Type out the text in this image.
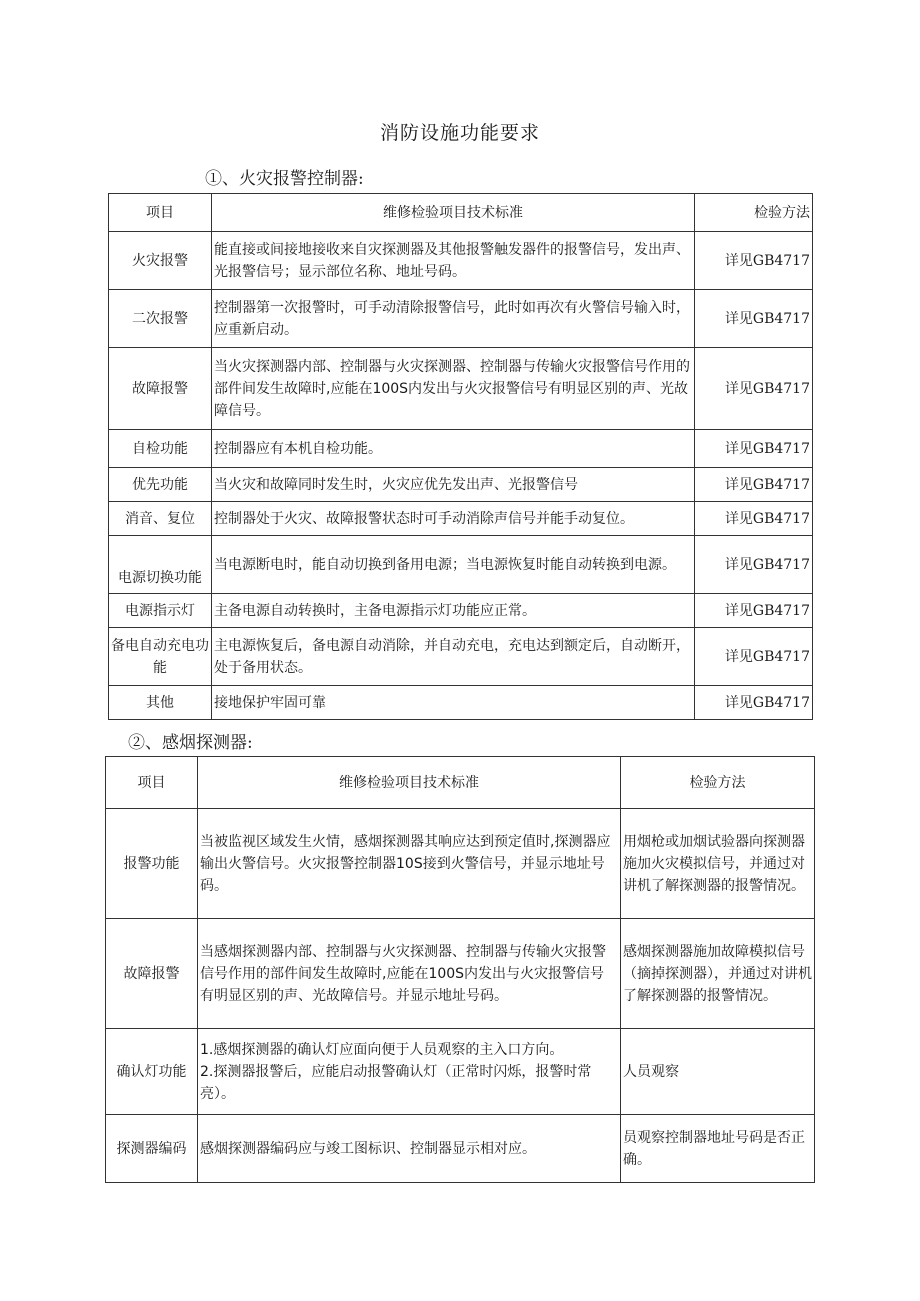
消防设施功能要求
①、火灾报警控制器:
项目	维修检验项目技术标准	检验方法
火灾报警	能直接或间接地接收来自灾探测器及其他报警触发器件的报警信号，发出声、光报警信号；显示部位名称、地址号码。	详见GB4717
二次报警	控制器第一次报警时，可手动清除报警信号，此时如再次有火警信号输入时，应重新启动。	详见GB4717
故障报警	当火灾探测器内部、控制器与火灾探测器、控制器与传输火灾报警信号作用的部件间发生故障时,应能在100S内发出与火灾报警信号有明显区别的声、光故障信号。	详见GB4717
自检功能	控制器应有本机自检功能。	详见GB4717
优先功能	当火灾和故障同时发生时，火灾应优先发出声、光报警信号	详见GB4717
消音、复位	控制器处于火灾、故障报警状态时可手动消除声信号并能手动复位。	详见GB4717
电源切换功能	当电源断电时，能自动切换到备用电源；当电源恢复时能自动转换到电源。	详见GB4717
电源指示灯	主备电源自动转换时，主备电源指示灯功能应正常。	详见GB4717
备电自动充电功能	主电源恢复后，备电源自动消除，并自动充电，充电达到额定后，自动断开，处于备用状态。	详见GB4717
其他	接地保护牢固可靠	详见GB4717
②、感烟探测器:
项目	维修检验项目技术标准	检验方法
报警功能	当被监视区域发生火情，感烟探测器其响应达到预定值时,探测器应输出火警信号。火灾报警控制器10S接到火警信号，并显示地址号码。	用烟枪或加烟试验器向探测器施加火灾模拟信号，并通过对讲机了解探测器的报警情况。
故障报警	当感烟探测器内部、控制器与火灾探测器、控制器与传输火灾报警信号作用的部件间发生故障时,应能在100S内发出与火灾报警信号有明显区别的声、光故障信号。并显示地址号码。	感烟探测器施加故障模拟信号（摘掉探测器），并通过对讲机了解探测器的报警情况。
确认灯功能	1.感烟探测器的确认灯应面向便于人员观察的主入口方向。
2.探测器报警后，应能启动报警确认灯（正常时闪烁，报警时常亮）。	人员观察
探测器编码	感烟探测器编码应与竣工图标识、控制器显示相对应。	员观察控制器地址号码是否正确。
